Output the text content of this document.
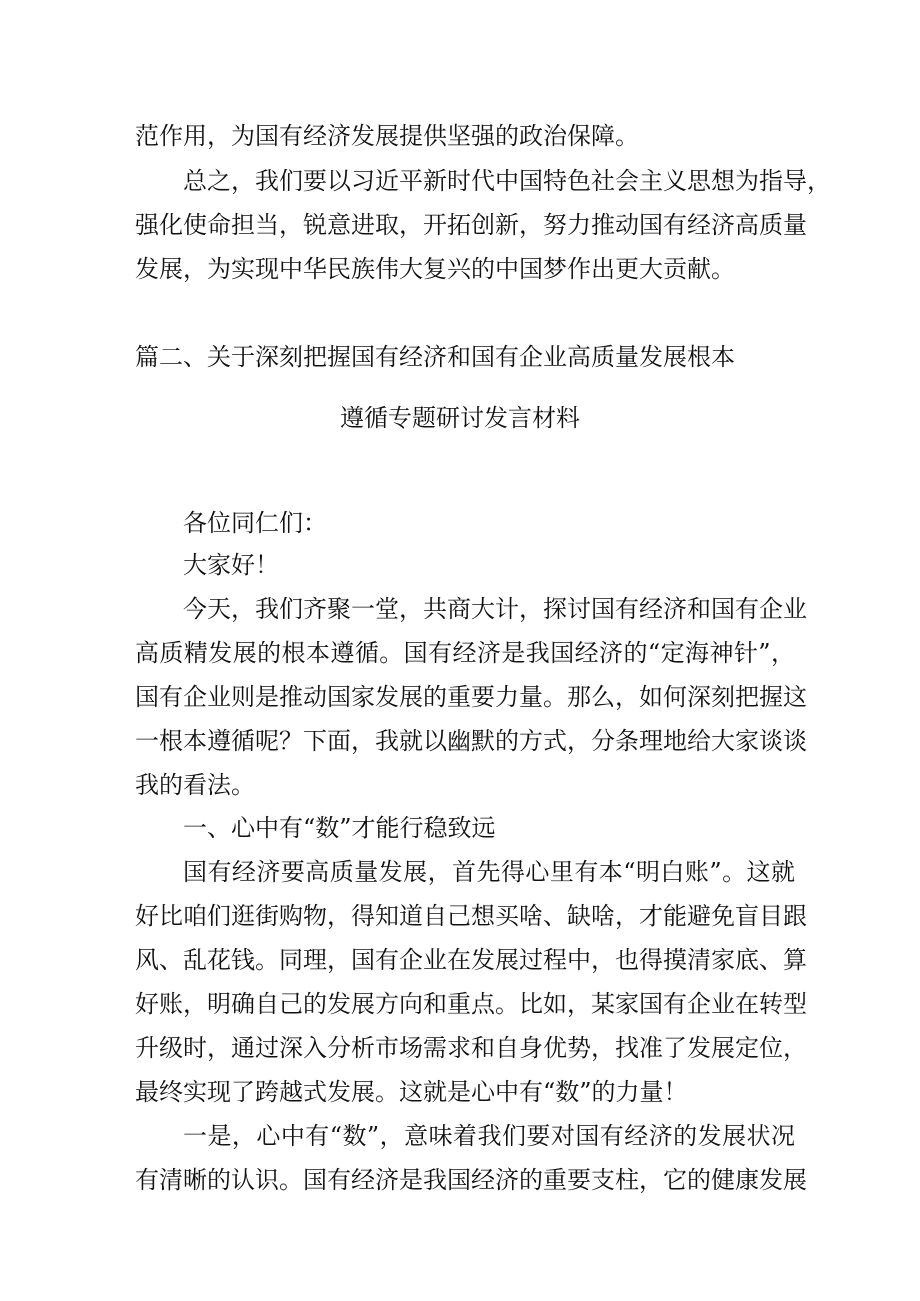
范作用，为国有经济发展提供坚强的政治保障。
总之，我们要以习近平新时代中国特色社会主义思想为指导，
强化使命担当，锐意进取，开拓创新，努力推动国有经济高质量
发展，为实现中华民族伟大复兴的中国梦作出更大贡献。
篇二、关于深刻把握国有经济和国有企业高质量发展根本
遵循专题研讨发言材料
各位同仁们：
大家好！
今天，我们齐聚一堂，共商大计，探讨国有经济和国有企业
高质精发展的根本遵循。国有经济是我国经济的“定海神针”，
国有企业则是推动国家发展的重要力量。那么，如何深刻把握这
一根本遵循呢？下面，我就以幽默的方式，分条理地给大家谈谈
我的看法。
一、心中有“数”才能行稳致远
国有经济要高质量发展，首先得心里有本“明白账”。这就
好比咱们逛街购物，得知道自己想买啥、缺啥，才能避免盲目跟
风、乱花钱。同理，国有企业在发展过程中，也得摸清家底、算
好账，明确自己的发展方向和重点。比如，某家国有企业在转型
升级时，通过深入分析市场需求和自身优势，找准了发展定位，
最终实现了跨越式发展。这就是心中有“数”的力量！
一是，心中有“数”，意味着我们要对国有经济的发展状况
有清晰的认识。国有经济是我国经济的重要支柱，它的健康发展
